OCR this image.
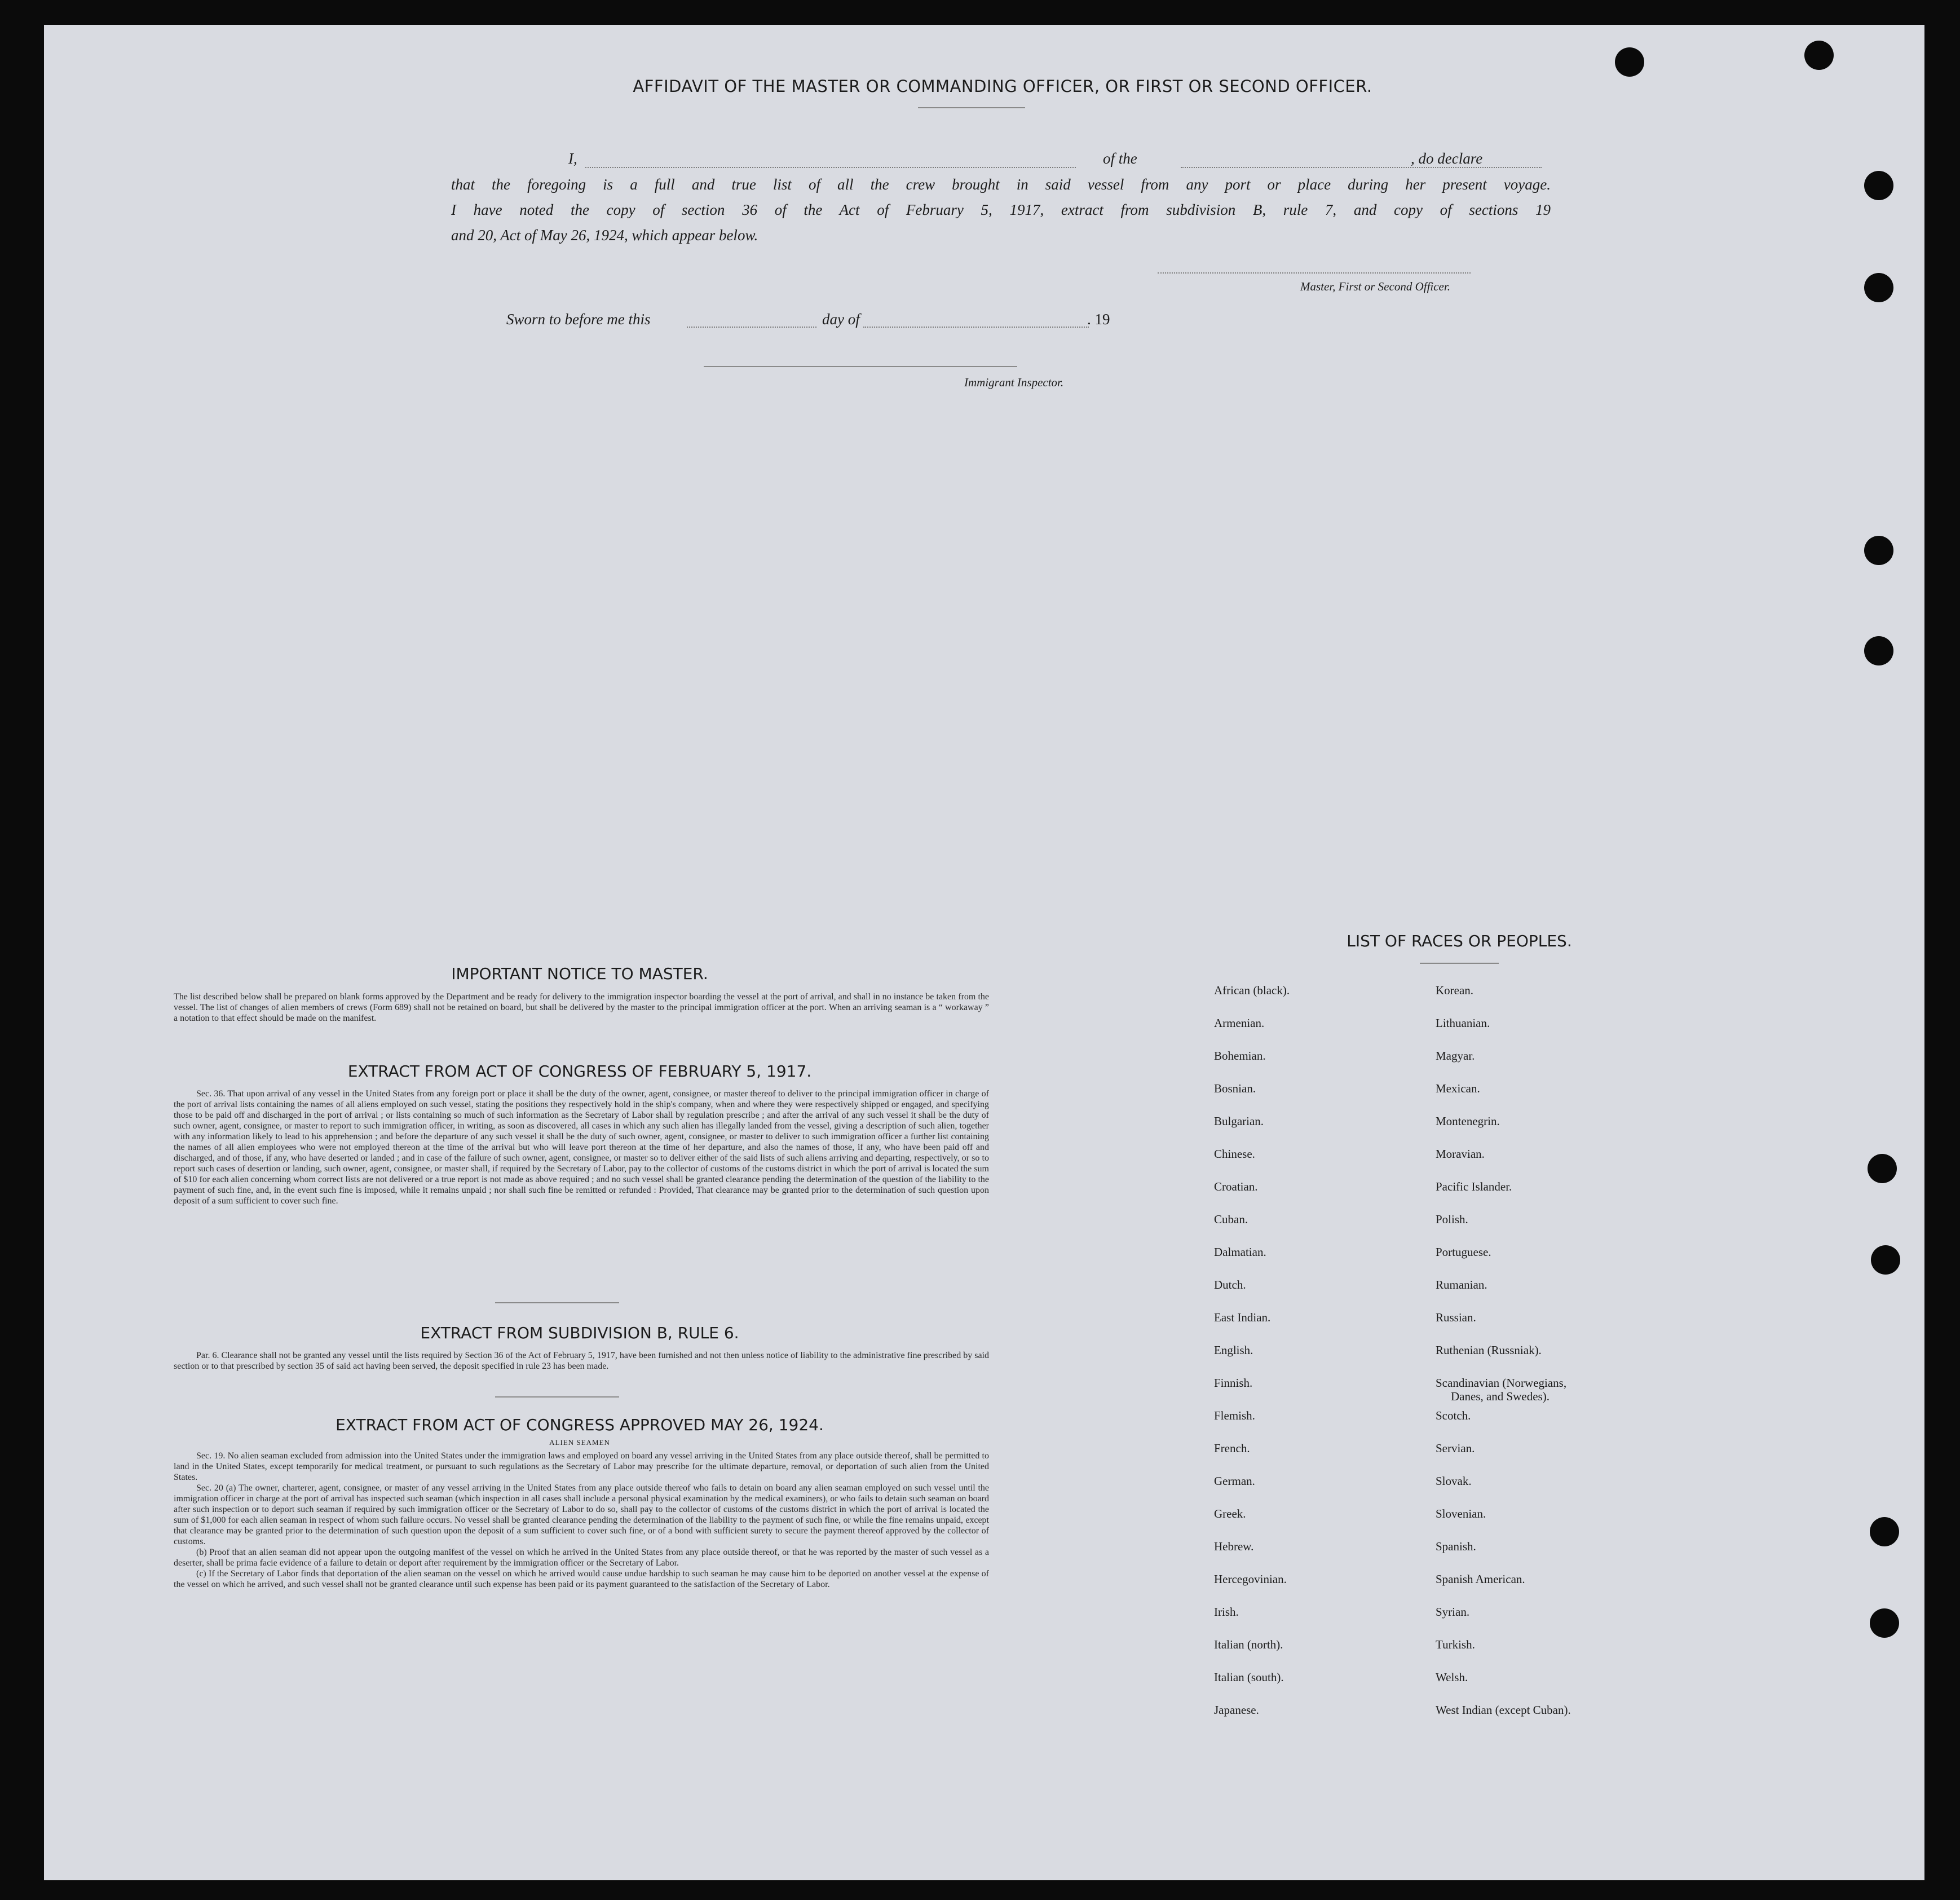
AFFIDAVIT OF THE MASTER OR COMMANDING OFFICER, OR FIRST OR SECOND OFFICER.
I,	of the	, do declare
that the foregoing is a full and true list of all the crew brought in said vessel from any port or place during her present voyage.
I have noted the copy of section 36 of the Act of February 5, 1917, extract from subdivision B, rule 7, and copy of sections 19
and 20, Act of May 26, 1924, which appear below.
Master, First or Second Officer.
Sworn to before me this	day of	. 19
Immigrant Inspector.
IMPORTANT NOTICE TO MASTER.
The list described below shall be prepared on blank forms approved by the Department and be ready for delivery to the immigration inspector boarding the vessel at the port of arrival, and shall in no instance be taken from the vessel. The list of changes of alien members of crews (Form 689) shall not be retained on board, but shall be delivered by the master to the principal immigration officer at the port. When an arriving seaman is a “ workaway ” a notation to that effect should be made on the manifest.
EXTRACT FROM ACT OF CONGRESS OF FEBRUARY 5, 1917.

Sec. 36. That upon arrival of any vessel in the United States from any foreign port or place it shall be the duty of the owner, agent, consignee, or master thereof to deliver to the principal immigration officer in charge of the port of arrival lists containing the names of all aliens employed on such vessel, stating the positions they respectively hold in the ship's company, when and where they were respectively shipped or engaged, and specifying those to be paid off and discharged in the port of arrival ; or lists containing so much of such information as the Secretary of Labor shall by regulation prescribe ; and after the arrival of any such vessel it shall be the duty of such owner, agent, consignee, or master to report to such immigration officer, in writing, as soon as discovered, all cases in which any such alien has illegally landed from the vessel, giving a description of such alien, together with any information likely to lead to his apprehension ; and before the departure of any such vessel it shall be the duty of such owner, agent, consignee, or master to deliver to such immigration officer a further list containing the names of all alien employees who were not employed thereon at the time of the arrival but who will leave port thereon at the time of her departure, and also the names of those, if any, who have been paid off and discharged, and of those, if any, who have deserted or landed ; and in case of the failure of such owner, agent, consignee, or master so to deliver either of the said lists of such aliens arriving and departing, respectively, or so to report such cases of desertion or landing, such owner, agent, consignee, or master shall, if required by the Secretary of Labor, pay to the collector of customs of the customs district in which the port of arrival is located the sum of $10 for each alien concerning whom correct lists are not delivered or a true report is not made as above required ; and no such vessel shall be granted clearance pending the determination of the question of the liability to the payment of such fine, and, in the event such fine is imposed, while it remains unpaid ; nor shall such fine be remitted or refunded : Provided, That clearance may be granted prior to the determination of such question upon deposit of a sum sufficient to cover such fine.

EXTRACT FROM SUBDIVISION B, RULE 6.

Par. 6. Clearance shall not be granted any vessel until the lists required by Section 36 of the Act of February 5, 1917, have been furnished and not then unless notice of liability to the administrative fine prescribed by said section or to that prescribed by section 35 of said act having been served, the deposit specified in rule 23 has been made.

EXTRACT FROM ACT OF CONGRESS APPROVED MAY 26, 1924.
ALIEN SEAMEN

Sec. 19. No alien seaman excluded from admission into the United States under the immigration laws and employed on board any vessel arriving in the United States from any place outside thereof, shall be permitted to land in the United States, except temporarily for medical treatment, or pursuant to such regulations as the Secretary of Labor may prescribe for the ultimate departure, removal, or deportation of such alien from the United States.

Sec. 20 (a) The owner, charterer, agent, consignee, or master of any vessel arriving in the United States from any place outside thereof who fails to detain on board any alien seaman employed on such vessel until the immigration officer in charge at the port of arrival has inspected such seaman (which inspection in all cases shall include a personal physical examination by the medical examiners), or who fails to detain such seaman on board after such inspection or to deport such seaman if required by such immigration officer or the Secretary of Labor to do so, shall pay to the collector of customs of the customs district in which the port of arrival is located the sum of $1,000 for each alien seaman in respect of whom such failure occurs. No vessel shall be granted clearance pending the determination of the liability to the payment of such fine, or while the fine remains unpaid, except that clearance may be granted prior to the determination of such question upon the deposit of a sum sufficient to cover such fine, or of a bond with sufficient surety to secure the payment thereof approved by the collector of customs.

(b) Proof that an alien seaman did not appear upon the outgoing manifest of the vessel on which he arrived in the United States from any place outside thereof, or that he was reported by the master of such vessel as a deserter, shall be prima facie evidence of a failure to detain or deport after requirement by the immigration officer or the Secretary of Labor.

(c) If the Secretary of Labor finds that deportation of the alien seaman on the vessel on which he arrived would cause undue hardship to such seaman he may cause him to be deported on another vessel at the expense of the vessel on which he arrived, and such vessel shall not be granted clearance until such expense has been paid or its payment guaranteed to the satisfaction of the Secretary of Labor.

LIST OF RACES OR PEOPLES.
African (black).
Armenian.
Bohemian.
Bosnian.
Bulgarian.
Chinese.
Croatian.
Cuban.
Dalmatian.
Dutch.
East Indian.
English.
Finnish.
Flemish.
French.
German.
Greek.
Hebrew.
Hercegovinian.
Irish.
Italian (north).
Italian (south).
Japanese.
Korean.
Lithuanian.
Magyar.
Mexican.
Montenegrin.
Moravian.
Pacific Islander.
Polish.
Portuguese.
Rumanian.
Russian.
Ruthenian (Russniak).
Scandinavian (Norwegians,
Scotch.
Servian.
Slovak.
Slovenian.
Spanish.
Spanish American.
Syrian.
Turkish.
Welsh.
West Indian (except Cuban).
Danes, and Swedes).
